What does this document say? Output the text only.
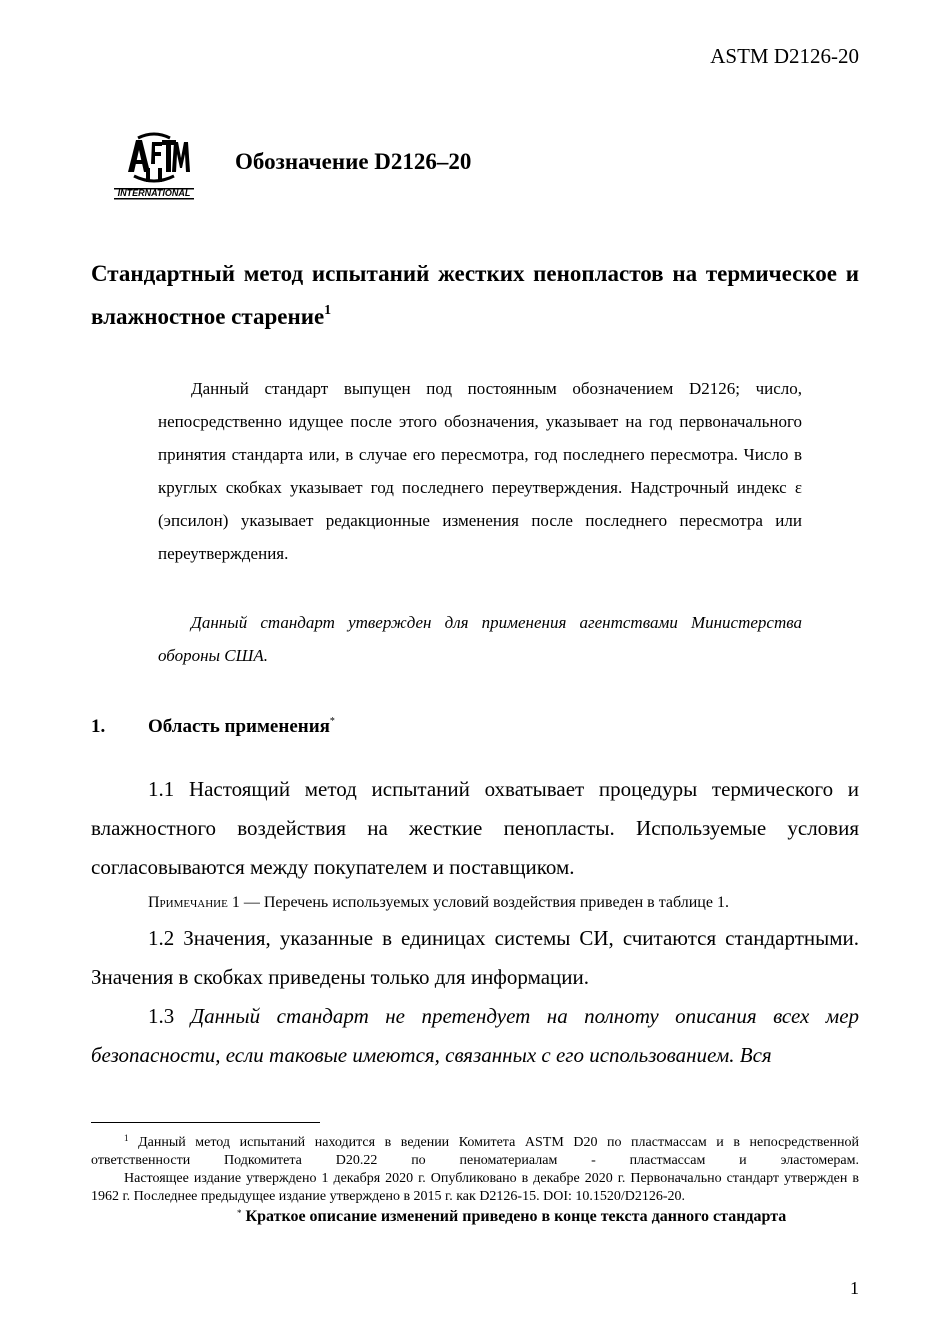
ASTM D2126-20
INTERNATIONAL
Обозначение D2126–20
Стандартный метод испытаний жестких пенопластов на термическое и влажностное старение$^1$
Данный стандарт выпущен под постоянным обозначением D2126; число, непосредственно идущее после этого обозначения, указывает на год первоначального принятия стандарта или, в случае его пересмотра, год последнего пересмотра. Число в круглых скобках указывает год последнего переутверждения. Надстрочный индекс ε (эпсилон) указывает редакционные изменения после последнего пересмотра или переутверждения.
Данный стандарт утвержден для применения агентствами Министерства обороны США.
1. Область применения*
1.1 Настоящий метод испытаний охватывает процедуры термического и влажностного воздействия на жесткие пенопласты. Используемые условия согласовываются между покупателем и поставщиком.
Примечание 1 — Перечень используемых условий воздействия приведен в таблице 1.
1.2 Значения, указанные в единицах системы СИ, считаются стандартными. Значения в скобках приведены только для информации.
1.3 Данный стандарт не претендует на полноту описания всех мер безопасности, если таковые имеются, связанных с его использованием. Вся

$^1$ Данный метод испытаний находится в ведении Комитета ASTM D20 по пластмассам и в непосредственной ответственности Подкомитета D20.22 по пеноматериалам - пластмассам и эластомерам.

Настоящее издание утверждено 1 декабря 2020 г. Опубликовано в декабре 2020 г. Первоначально стандарт утвержден в 1962 г. Последнее предыдущее издание утверждено в 2015 г. как D2126-15. DOI: 10.1520/D2126-20.

* Краткое описание изменений приведено в конце текста данного стандарта

1
